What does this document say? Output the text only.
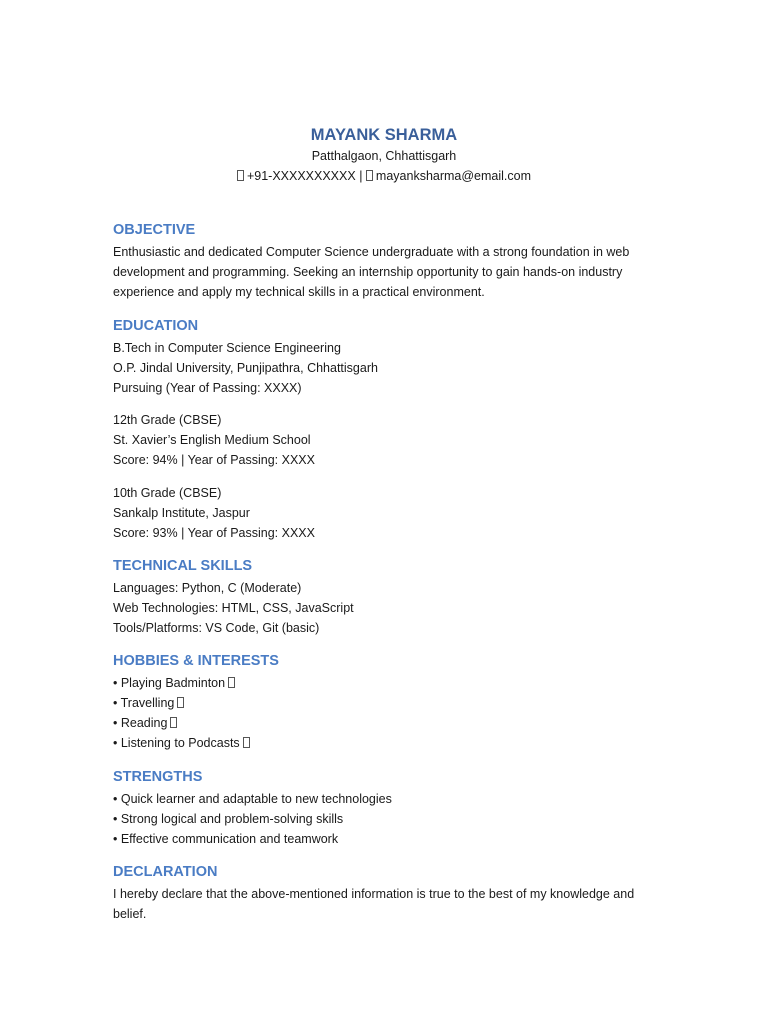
MAYANK SHARMA
Patthalgaon, Chhattisgarh
+91-XXXXXXXXXX | mayanksharma@email.com
OBJECTIVE
Enthusiastic and dedicated Computer Science undergraduate with a strong foundation in web
development and programming. Seeking an internship opportunity to gain hands-on industry
experience and apply my technical skills in a practical environment.
EDUCATION
B.Tech in Computer Science Engineering
O.P. Jindal University, Punjipathra, Chhattisgarh
Pursuing (Year of Passing: XXXX)
12th Grade (CBSE)
St. Xavier’s English Medium School
Score: 94% | Year of Passing: XXXX
10th Grade (CBSE)
Sankalp Institute, Jaspur
Score: 93% | Year of Passing: XXXX
TECHNICAL SKILLS
Languages: Python, C (Moderate)
Web Technologies: HTML, CSS, JavaScript
Tools/Platforms: VS Code, Git (basic)
HOBBIES & INTERESTS
• Playing Badminton
• Travelling
• Reading
• Listening to Podcasts
STRENGTHS
• Quick learner and adaptable to new technologies
• Strong logical and problem-solving skills
• Effective communication and teamwork
DECLARATION
I hereby declare that the above-mentioned information is true to the best of my knowledge and
belief.
